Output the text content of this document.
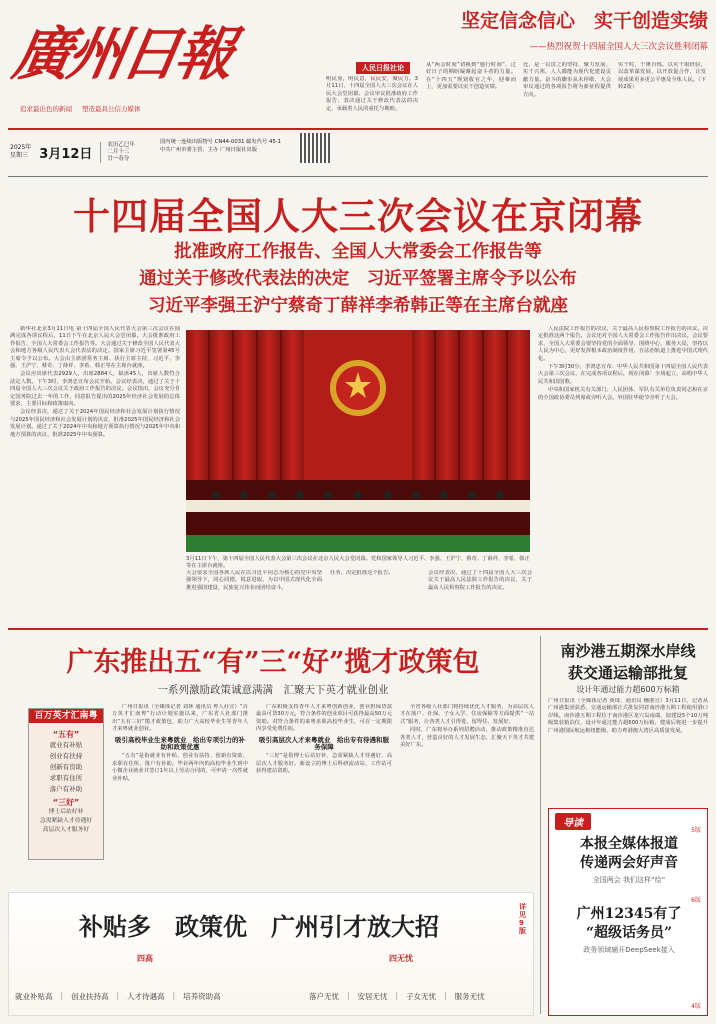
廣州日報	坚定信念信心　实干创造实绩
——热烈祝贺十四届全国人大三次会议胜利闭幕
追求最出色的新闻 塑造最具公信力媒体
人民日报社论
明民身，明民意，民民安，聚民力。3月11日，十四届全国人大三次会议在人民大会堂闭幕。会议审议批准政府工作报告，表决通过关于修改代表法的决定，承载着人民的重托与期盼。
从“两会时间”切换到“施行时间”，过好日子的期盼凝聚起奋斗者的力量。在“十四五”规划收官之年，迎难而上，更加需要以实干创造实绩。
比，是一以贯之的坚持，聚力发展、实干兴邦，人人都能为现代化建设贡献力量。奋斗的脚步从未停歇，大会审议通过的各项报告将为新征程提供方向。
实干时，千锤百炼。以实干取经验，以改革谋发展，以开放促合作，让发展成果更多更公平惠及全体人民。（下转2版）
2025年
星期三 3月12日
农历乙巳年
二月十三
廿一春分
国内统一连续出版物号 CN44-0031 邮发代号 45-1
中共广州市委主管、主办 广州日报社出版
十四届全国人大三次会议在京闭幕
批准政府工作报告、全国人大常委会工作报告等
通过关于修改代表法的决定　习近平签署主席令予以公布
习近平李强王沪宁蔡奇丁薛祥李希韩正等在主席台就座

新华社北京3月11日电 第十四届全国人民代表大会第三次会议在圆满完成各项议程后，11日下午在北京人民大会堂闭幕。大会批准政府工作报告、全国人大常委会工作报告等。大会通过关于修改全国人民代表大会和地方各级人民代表大会代表法的决定。国家主席习近平签署第45号主席令予以公布。大会由主席团常务主席、执行主席主持，习近平、李强、王沪宁、蔡奇、丁薛祥、李希、韩正等在主席台就座。

会议应出席代表2929人，出席2884人，缺席45人，出席人数符合法定人数。下午3时，李鸿忠宣布会议开始。会议经表决，通过了关于十四届全国人大三次会议关于政府工作报告的决议。会议指出，会议充分肯定国务院过去一年的工作，同意报告提出的2025年经济社会发展的总体要求、主要目标和政策取向。

会议经表决，通过了关于2024年国民经济和社会发展计划执行情况与2025年国民经济和社会发展计划的决议，批准2025年国民经济和社会发展计划。通过了关于2024年中央和地方预算执行情况与2025年中央和地方预算的决议，批准2025年中央预算。

3月11日下午，第十四届全国人民代表大会第三次会议在北京人民大会堂闭幕。党和国家领导人习近平、李强、王沪宁、蔡奇、丁薛祥、李希、韩正等在主席台就座。

人民法院工作报告的决议，关于最高人民检察院工作报告的决议。决定批准这两个报告。会议还对全国人大常委会工作报告作出决议。会议要求，全国人大常委会要坚持党的全面领导，围绕中心，服务大局，坚持以人民为中心，更好发挥根本政治制度作用，在法治轨道上推进中国式现代化。

下午3时30分，李鸿忠宣布：中华人民共和国第十四届全国人民代表大会第三次会议，在完成各项议程后，现在闭幕！全场起立，高唱中华人民共和国国歌。

中央和国家机关有关部门、人民团体、军队有关单位负责同志和在京的全国政协委员列席或旁听大会。外国驻华使节旁听了大会。

大会要求全国各族人民在以习近平同志为核心的党中央坚强领导下，同心同德，锐意进取，为以中国式现代化全面推进强国建设、民族复兴伟业而团结奋斗。
任务，决定批准这个报告。	会议经表决，通过了十四届全国人大三次会议关于最高人民法院工作报告的决议，关于最高人民检察院工作报告的决议。
广东推出五“有”三“好”揽才政策包
一系列激励政策诚意满满　汇聚天下英才就业创业
百万英才汇南粤
“五有”
就业有补贴
创业有扶持
创新有资助
求职有住所
落户有补助
“三好”
博士后站好补
急需紧缺人才待遇好
高层次人才服务好

广州日报讯（全媒体记者 刘林 通讯员 粤人社宣）“百万英才汇南粤”行动计划实施以来，广东省人社部门推出“五有三好”揽才政策包，助力广大高校毕业生等青年人才来粤就业创业。

吸引高校毕业生来粤就业　给出专项引力的补助和政策优惠

“五有”是指就业有补贴、创业有扶持、创新有资助、求职有住所、落户有补助。毕业两年内的高校毕业生到中小微企业就业并签订1年以上劳动合同的，可申请一次性就业补贴。

广东积极支持青年人才来粤创新创业，创业担保贷款最高可贷30万元，符合条件的创业项目可获得最高50万元资助。对符合条件的来粤求职高校毕业生，可在一定期限内享受免费住宿。

吸引高层次人才来粤就业　给出专有待遇和服务保障

“三好”是指博士后站好补、急需紧缺人才待遇好、高层次人才服务好。新设立的博士后科研流动站、工作站可获得建站资助。

全省各级人社部门将持续优化人才服务，为高层次人才在落户、社保、子女入学、住房保障等方面提供“一站式”服务，让各类人才引得进、留得住、发展好。

同时，广东将举办系列招聘活动，推动政策精准直达各类人才，营造良好的人才发展生态，汇聚天下英才共建美好广东。

南沙港五期深水岸线
获交通运输部批复
设计年通过能力超600万标箱
广州日报讯（全媒体记者 黄琦、通讯员 穗港宣）3月11日，记者从广州港集团获悉，交通运输部正式批复同意南沙港五期工程使用港口岸线。南沙港五期工程位于南沙港区龙穴岛南端，拟建设5个10万吨级集装箱泊位，设计年通过能力超600万标箱，建成后将进一步提升广州港国际航运枢纽能级，助力粤港澳大湾区高质量发展。
导读
5版
本报全媒体报道
传递两会好声音
全国两会 我们这样“绘”
6版
广州12345有了
“超级话务员”
政务领域辅开DeepSeek接入
4版
补贴多　政策优　广州引才放大招
详见9版
四高	四无忧
就业补贴高 | 创业扶持高 | 人才待遇高 | 培养资助高	落户无忧 | 安居无忧 | 子女无忧 | 服务无忧
